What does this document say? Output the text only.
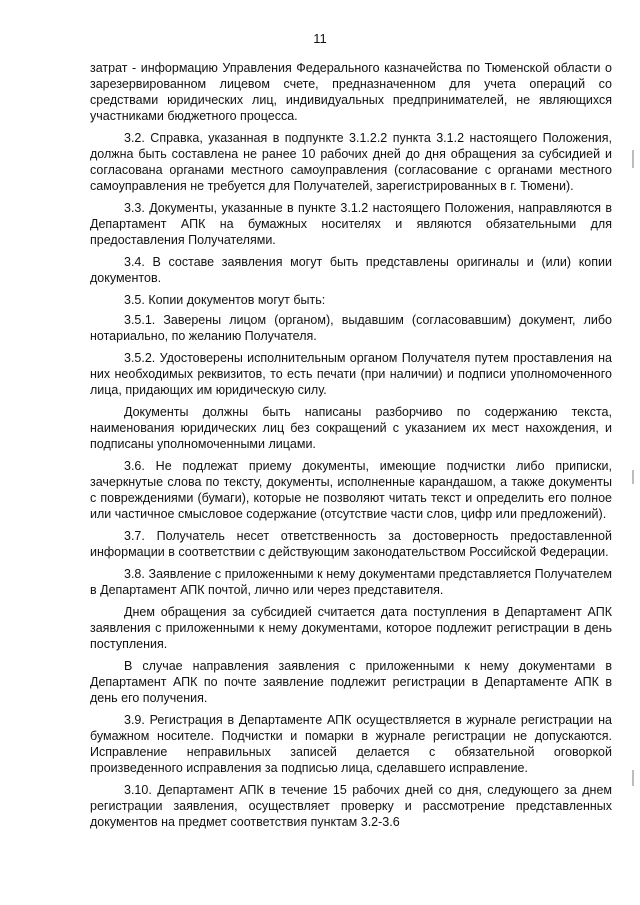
11

затрат - информацию Управления Федерального казначейства по Тюменской области о зарезервированном лицевом счете, предназначенном для учета операций со средствами юридических лиц, индивидуальных предпринимателей, не являющихся участниками бюджетного процесса.

3.2. Справка, указанная в подпункте 3.1.2.2 пункта 3.1.2 настоящего Положения, должна быть составлена не ранее 10 рабочих дней до дня обращения за субсидией и согласована органами местного самоуправления (согласование с органами местного самоуправления не требуется для Получателей, зарегистрированных в г. Тюмени).

3.3. Документы, указанные в пункте 3.1.2 настоящего Положения, направляются в Департамент АПК на бумажных носителях и являются обязательными для предоставления Получателями.

3.4. В составе заявления могут быть представлены оригиналы и (или) копии документов.

3.5. Копии документов могут быть:

3.5.1. Заверены лицом (органом), выдавшим (согласовавшим) документ, либо нотариально, по желанию Получателя.

3.5.2. Удостоверены исполнительным органом Получателя путем проставления на них необходимых реквизитов, то есть печати (при наличии) и подписи уполномоченного лица, придающих им юридическую силу.

Документы должны быть написаны разборчиво по содержанию текста, наименования юридических лиц без сокращений с указанием их мест нахождения, и подписаны уполномоченными лицами.

3.6. Не подлежат приему документы, имеющие подчистки либо приписки, зачеркнутые слова по тексту, документы, исполненные карандашом, а также документы с повреждениями (бумаги), которые не позволяют читать текст и определить его полное или частичное смысловое содержание (отсутствие части слов, цифр или предложений).

3.7. Получатель несет ответственность за достоверность предоставленной информации в соответствии с действующим законодательством Российской Федерации.

3.8. Заявление с приложенными к нему документами представляется Получателем в Департамент АПК почтой, лично или через представителя.

Днем обращения за субсидией считается дата поступления в Департамент АПК заявления с приложенными к нему документами, которое подлежит регистрации в день поступления.

В случае направления заявления с приложенными к нему документами в Департамент АПК по почте заявление подлежит регистрации в Департаменте АПК в день его получения.

3.9. Регистрация в Департаменте АПК осуществляется в журнале регистрации на бумажном носителе. Подчистки и помарки в журнале регистрации не допускаются. Исправление неправильных записей делается с обязательной оговоркой произведенного исправления за подписью лица, сделавшего исправление.

3.10. Департамент АПК в течение 15 рабочих дней со дня, следующего за днем регистрации заявления, осуществляет проверку и рассмотрение представленных документов на предмет соответствия пунктам 3.2-3.6
